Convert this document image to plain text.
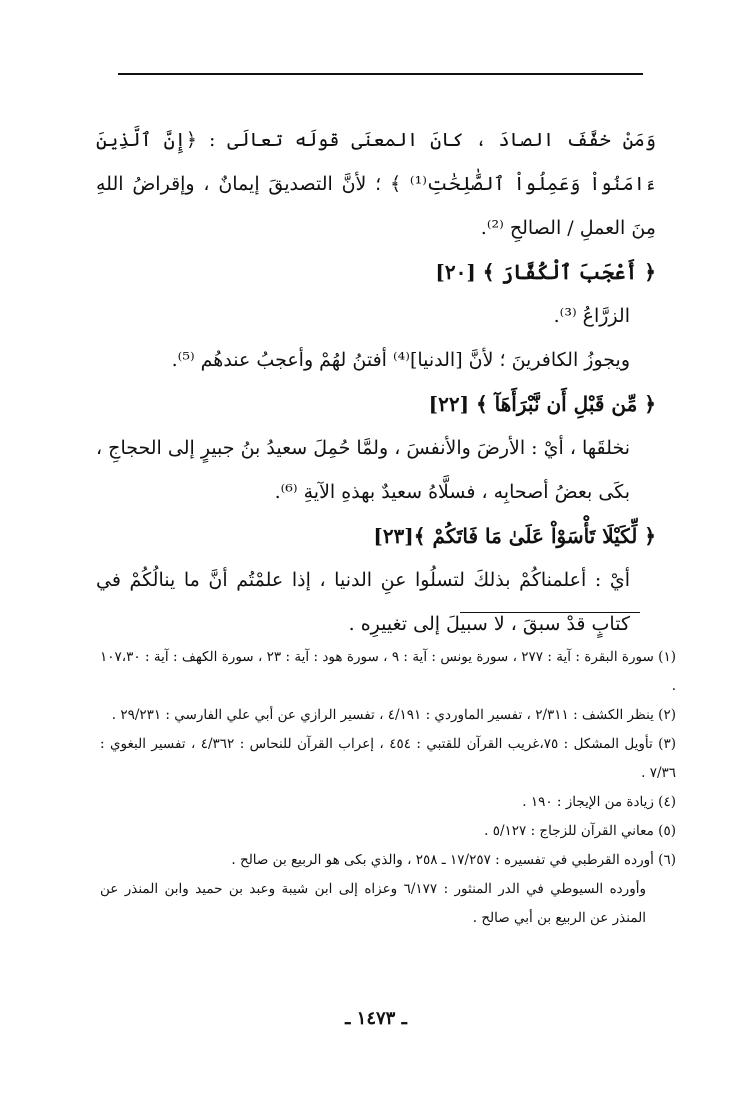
وَمَنْ خفَّفَ الصادَ ، كانَ المعنَى قولَه تعالَى : ﴿إِنَّ ٱلَّذِينَ ءَامَنُواْ وَعَمِلُواْ ٱلصَّٰلِحَٰتِ⁽¹⁾ ﴾ ؛ لأنَّ التصديقَ إيمانٌ ، وإقراضُ اللهِ مِنَ العملِ / الصالحِ ⁽²⁾.

﴿ أَعْجَبَ ٱلْكُفَّارَ ﴾ [٢٠]

الزرَّاعُ ⁽³⁾.

ويجوزُ الكافرينَ ؛ لأنَّ [الدنيا]⁽⁴⁾ أفتنُ لهُمْ وأعجبُ عندهُم ⁽⁵⁾.

﴿ مِّن قَبْلِ أَن نَّبْرَأَهَآ ﴾ [٢٢]

نخلقَها ، أيْ : الأرضَ والأنفسَ ، ولمَّا حُمِلَ سعيدُ بنُ جبيرٍ إلى الحجاجِ ، بكَى بعضُ أصحابِه ، فسلَّاهُ سعيدٌ بهذهِ الآيةِ ⁽⁶⁾.

﴿ لِّكَيْلَا تَأْسَوْاْ عَلَىٰ مَا فَاتَكُمْ ﴾[٢٣]

أيْ : أعلمناكُمْ بذلكَ لتسلُوا عنِ الدنيا ، إذا علمْتُم أنَّ ما ينالُكُمْ في كتابٍ قدْ سبقَ ، لا سبيلَ إلى تغييرِه .

(١) سورة البقرة : آية : ٢٧٧ ، سورة يونس : آية : ٩ ، سورة هود : آية : ٢٣ ، سورة الكهف : آية : ١٠٧،٣٠ .

(٢) ينظر الكشف : ٢/٣١١ ، تفسير الماوردي : ٤/١٩١ ، تفسير الرازي عن أبي علي الفارسي : ٢٩/٢٣١ .

(٣) تأويل المشكل : ٧٥،غريب القرآن للقتبي : ٤٥٤ ، إعراب القرآن للنحاس : ٤/٣٦٢ ، تفسير البغوي : ٧/٣٦ .

(٤) زيادة من الإيجاز : ١٩٠ .

(٥) معاني القرآن للزجاج : ٥/١٢٧ .

(٦) أورده القرطبي في تفسيره : ١٧/٢٥٧ ـ ٢٥٨ ، والذي بكى هو الربيع بن صالح .

وأورده السيوطي في الدر المنثور : ٦/١٧٧ وعزاه إلى ابن شيبة وعبد بن حميد وابن المنذر عن المنذر عن الربيع بن أبي صالح .

ـ ١٤٧٣ ـ
